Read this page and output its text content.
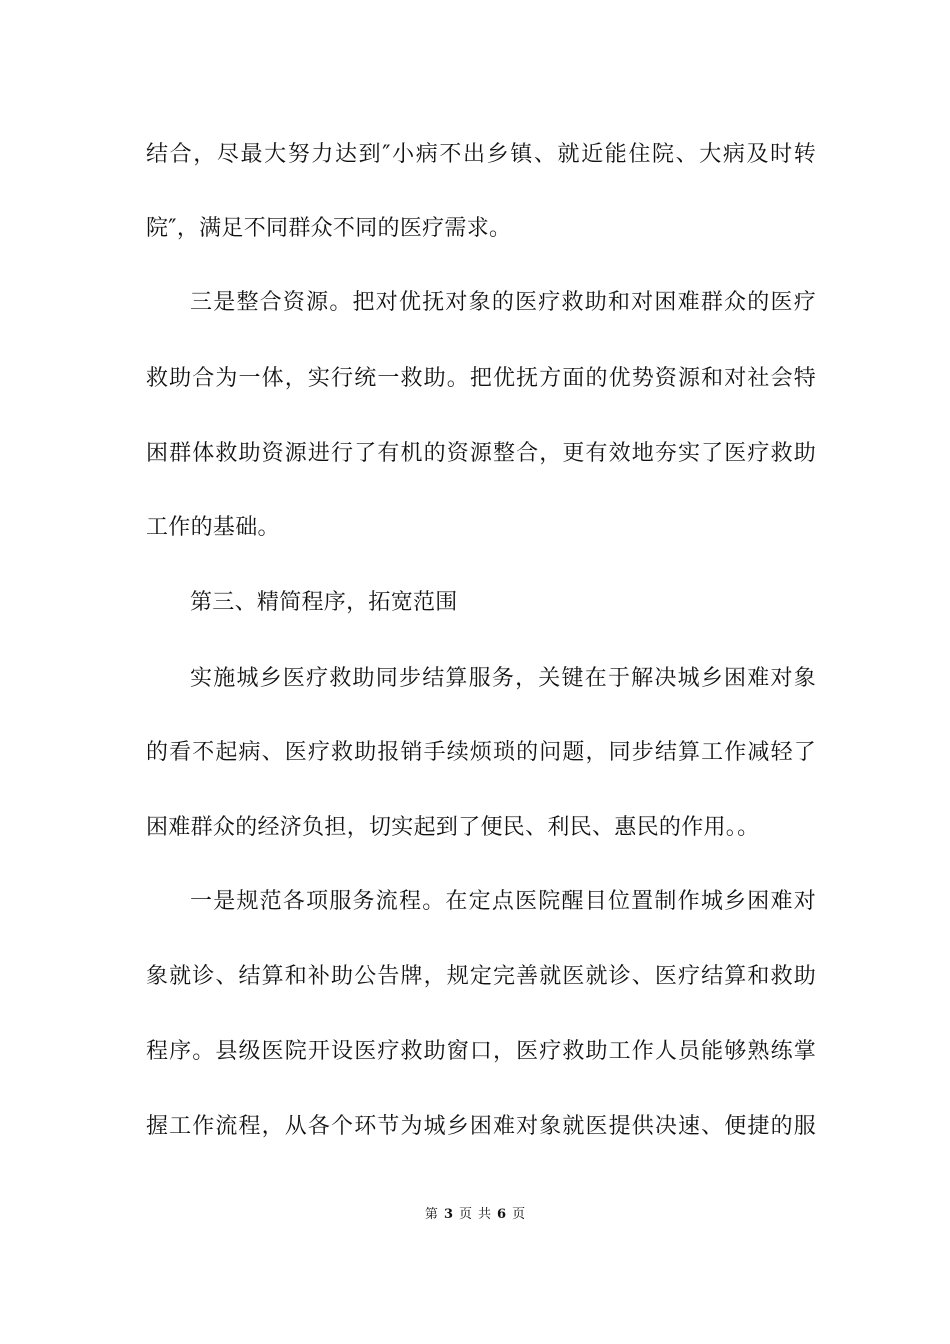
结合，尽最大努力达到″小病不出乡镇、就近能住院、大病及时转
院″，满足不同群众不同的医疗需求。
三是整合资源。把对优抚对象的医疗救助和对困难群众的医疗
救助合为一体，实行统一救助。把优抚方面的优势资源和对社会特
困群体救助资源进行了有机的资源整合，更有效地夯实了医疗救助
工作的基础。
第三、精简程序，拓宽范围
实施城乡医疗救助同步结算服务，关键在于解决城乡困难对象
的看不起病、医疗救助报销手续烦琐的问题，同步结算工作减轻了
困难群众的经济负担，切实起到了便民、利民、惠民的作用。。
一是规范各项服务流程。在定点医院醒目位置制作城乡困难对
象就诊、结算和补助公告牌，规定完善就医就诊、医疗结算和救助
程序。县级医院开设医疗救助窗口，医疗救助工作人员能够熟练掌
握工作流程，从各个环节为城乡困难对象就医提供决速、便捷的服
第 3 页 共 6 页
